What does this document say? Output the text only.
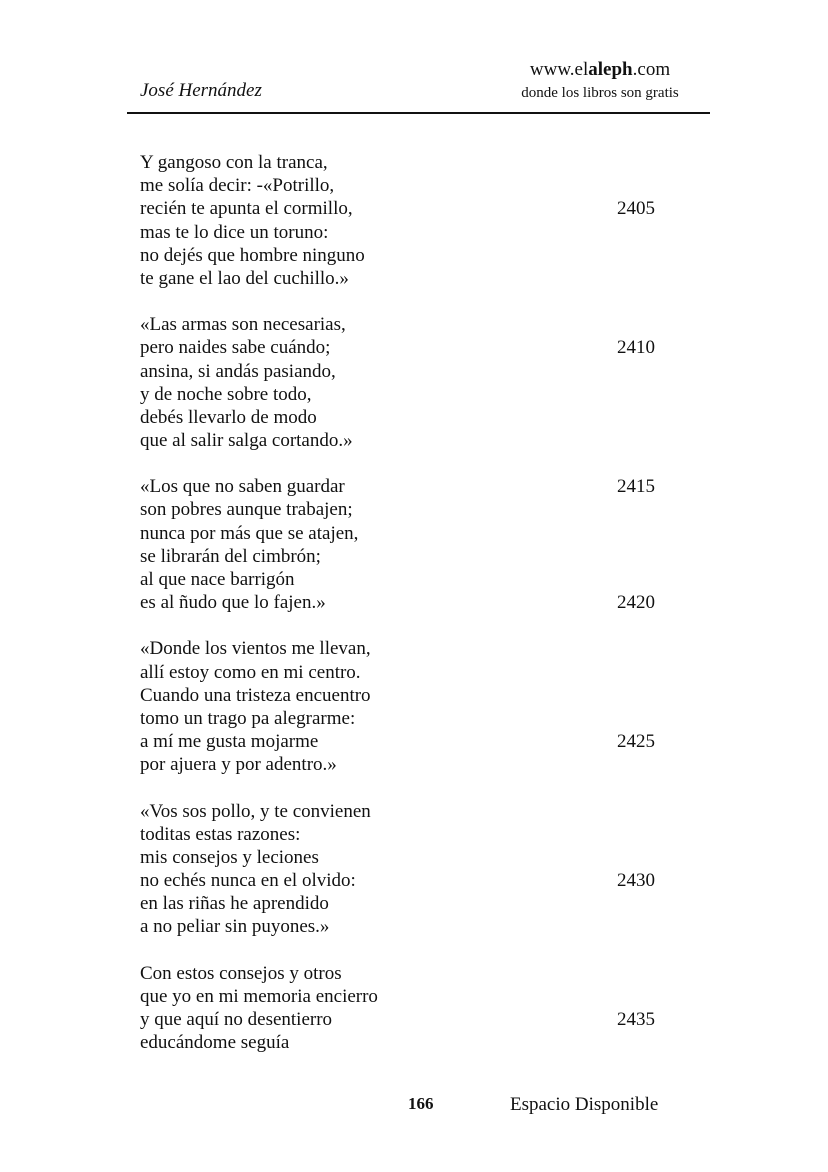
José Hernández
www.elaleph.com
donde los libros son gratis
Y gangoso con la tranca,
me solía decir: -«Potrillo,
recién te apunta el cormillo,	2405
mas te lo dice un toruno:
no dejés que hombre ninguno
te gane el lao del cuchillo.»
«Las armas son necesarias,
pero naides sabe cuándo;	2410
ansina, si andás pasiando,
y de noche sobre todo,
debés llevarlo de modo
que al salir salga cortando.»
«Los que no saben guardar	2415
son pobres aunque trabajen;
nunca por más que se atajen,
se librarán del cimbrón;
al que nace barrigón
es al ñudo que lo fajen.»	2420
«Donde los vientos me llevan,
allí estoy como en mi centro.
Cuando una tristeza encuentro
tomo un trago pa alegrarme:
a mí me gusta mojarme	2425
por ajuera y por adentro.»
«Vos sos pollo, y te convienen
toditas estas razones:
mis consejos y leciones
no echés nunca en el olvido:	2430
en las riñas he aprendido
a no peliar sin puyones.»
Con estos consejos y otros
que yo en mi memoria encierro
y que aquí no desentierro	2435
educándome seguía
166	Espacio Disponible
